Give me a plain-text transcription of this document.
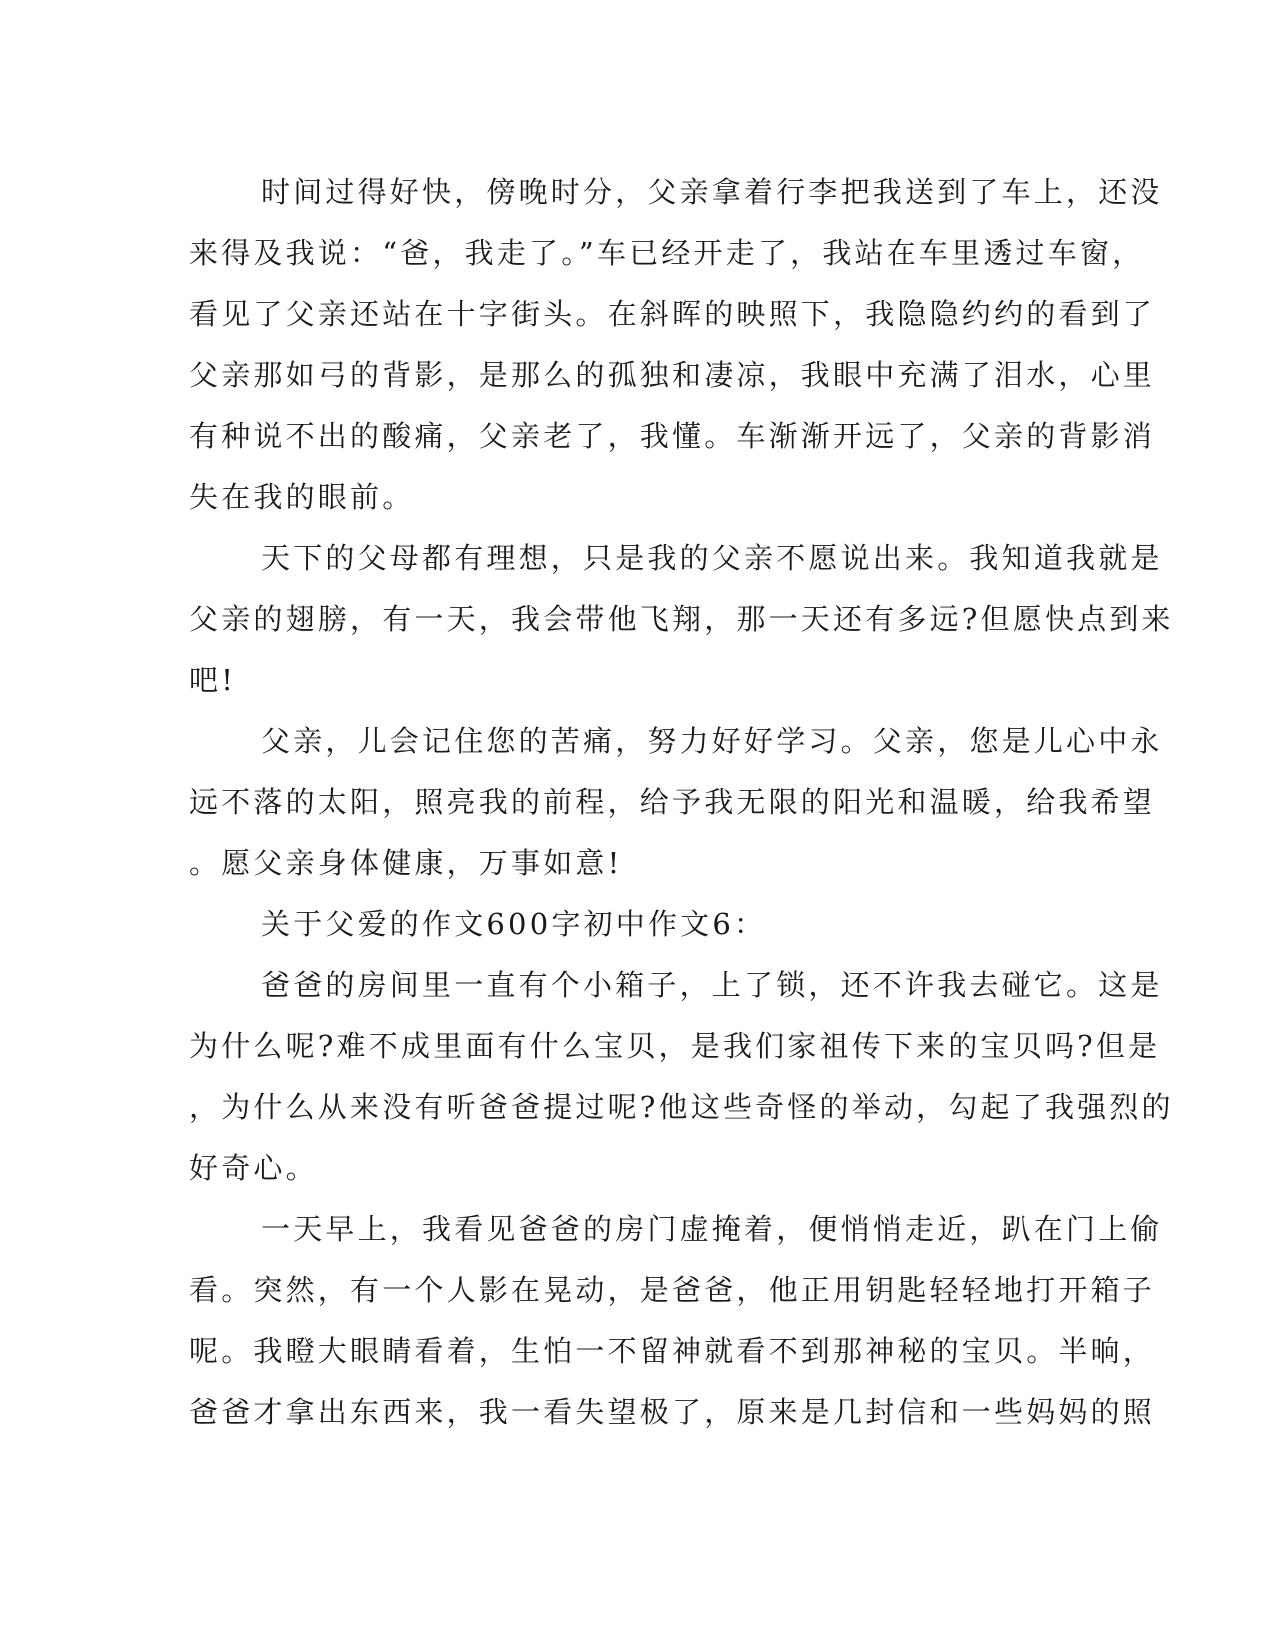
时间过得好快，傍晚时分，父亲拿着行李把我送到了车上，还没
来得及我说：“爸，我走了。”车已经开走了，我站在车里透过车窗，
看见了父亲还站在十字街头。在斜晖的映照下，我隐隐约约的看到了
父亲那如弓的背影，是那么的孤独和凄凉，我眼中充满了泪水，心里
有种说不出的酸痛，父亲老了，我懂。车渐渐开远了，父亲的背影消
失在我的眼前。
天下的父母都有理想，只是我的父亲不愿说出来。我知道我就是
父亲的翅膀，有一天，我会带他飞翔，那一天还有多远?但愿快点到来
吧!
父亲，儿会记住您的苦痛，努力好好学习。父亲，您是儿心中永
远不落的太阳，照亮我的前程，给予我无限的阳光和温暖，给我希望
。愿父亲身体健康，万事如意!
关于父爱的作文600字初中作文6：
爸爸的房间里一直有个小箱子，上了锁，还不许我去碰它。这是
为什么呢?难不成里面有什么宝贝，是我们家祖传下来的宝贝吗?但是
，为什么从来没有听爸爸提过呢?他这些奇怪的举动，勾起了我强烈的
好奇心。
一天早上，我看见爸爸的房门虚掩着，便悄悄走近，趴在门上偷
看。突然，有一个人影在晃动，是爸爸，他正用钥匙轻轻地打开箱子
呢。我瞪大眼睛看着，生怕一不留神就看不到那神秘的宝贝。半晌，
爸爸才拿出东西来，我一看失望极了，原来是几封信和一些妈妈的照
